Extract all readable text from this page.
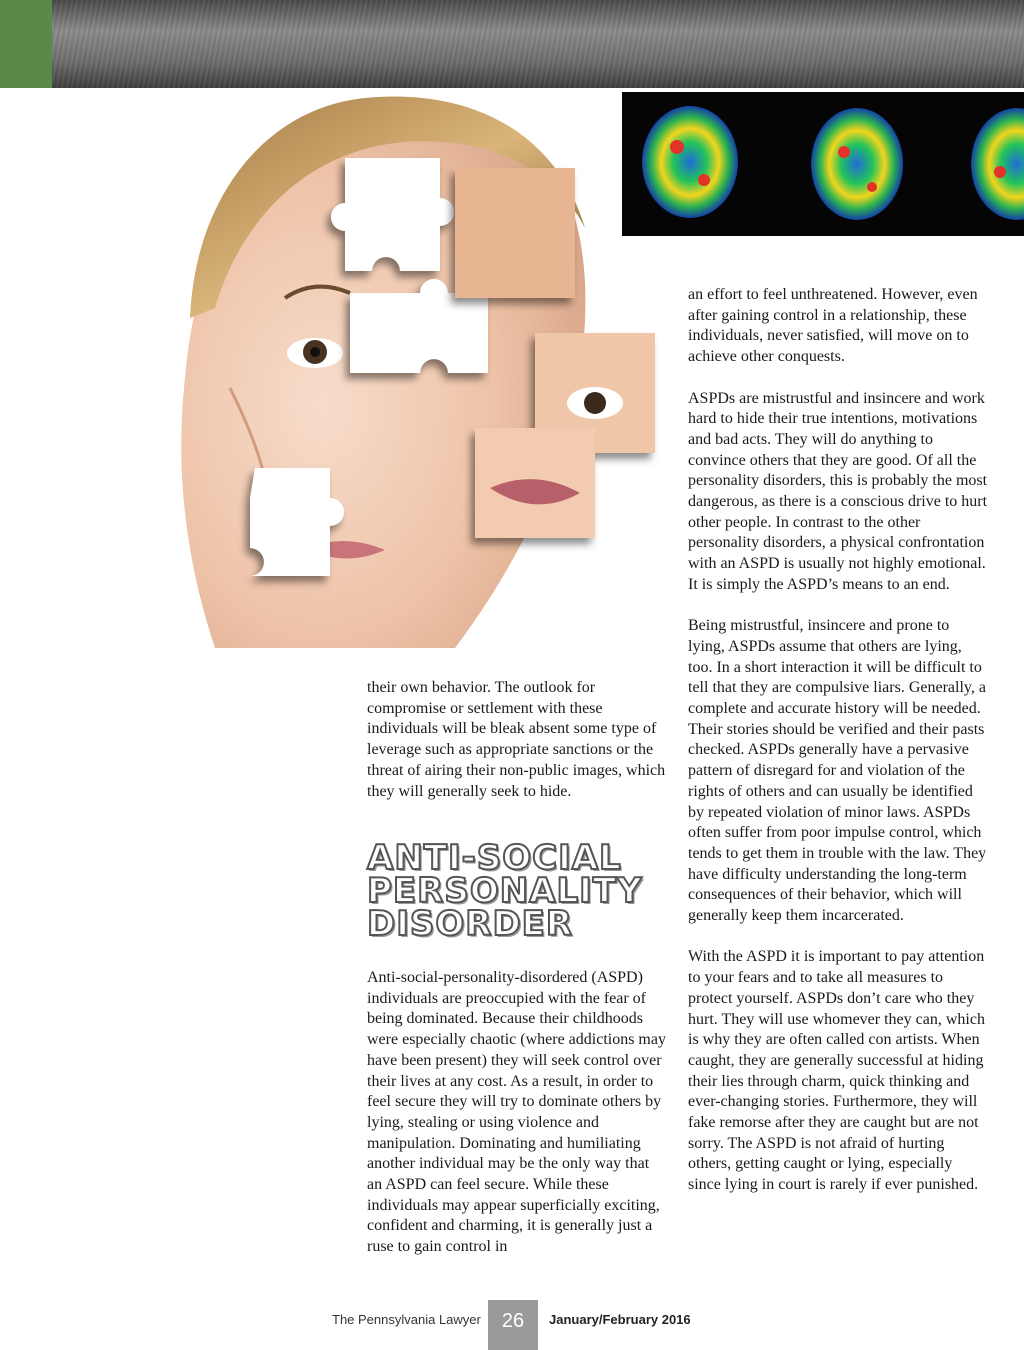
their own behavior. The outlook for compromise or settlement with these individuals will be bleak absent some type of leverage such as appropriate sanctions or the threat of airing their non-public images, which they will generally seek to hide.

ANTI-SOCIAL
PERSONALITY
DISORDER

Anti-social-personality-disordered (ASPD) individuals are preoccupied with the fear of being dominated. Because their childhoods were especially chaotic (where addictions may have been present) they will seek control over their lives at any cost. As a result, in order to feel secure they will try to dominate others by lying, stealing or using violence and manipulation. Dominating and humiliating another individual may be the only way that an ASPD can feel secure. While these individuals may appear superficially exciting, confident and charming, it is generally just a ruse to gain control in

an effort to feel unthreatened. However, even after gaining control in a relationship, these individuals, never satisfied, will move on to achieve other conquests.

ASPDs are mistrustful and insincere and work hard to hide their true intentions, motivations and bad acts. They will do anything to convince others that they are good. Of all the personality disorders, this is probably the most dangerous, as there is a conscious drive to hurt other people. In contrast to the other personality disorders, a physical confrontation with an ASPD is usually not highly emotional. It is simply the ASPD’s means to an end.

Being mistrustful, insincere and prone to lying, ASPDs assume that others are lying, too. In a short interaction it will be difficult to tell that they are compulsive liars. Generally, a complete and accurate history will be needed. Their stories should be verified and their pasts checked. ASPDs generally have a pervasive pattern of disregard for and violation of the rights of others and can usually be identified by repeated violation of minor laws. ASPDs often suffer from poor impulse control, which tends to get them in trouble with the law. They have difficulty understanding the long-term consequences of their behavior, which will generally keep them incarcerated.

With the ASPD it is important to pay attention to your fears and to take all measures to protect yourself. ASPDs don’t care who they hurt. They will use whomever they can, which is why they are often called con artists. When caught, they are generally successful at hiding their lies through charm, quick thinking and ever-changing stories. Furthermore, they will fake remorse after they are caught but are not sorry. The ASPD is not afraid of hurting others, getting caught or lying, especially since lying in court is rarely if ever punished.

The Pennsylvania Lawyer	26	January/February 2016
